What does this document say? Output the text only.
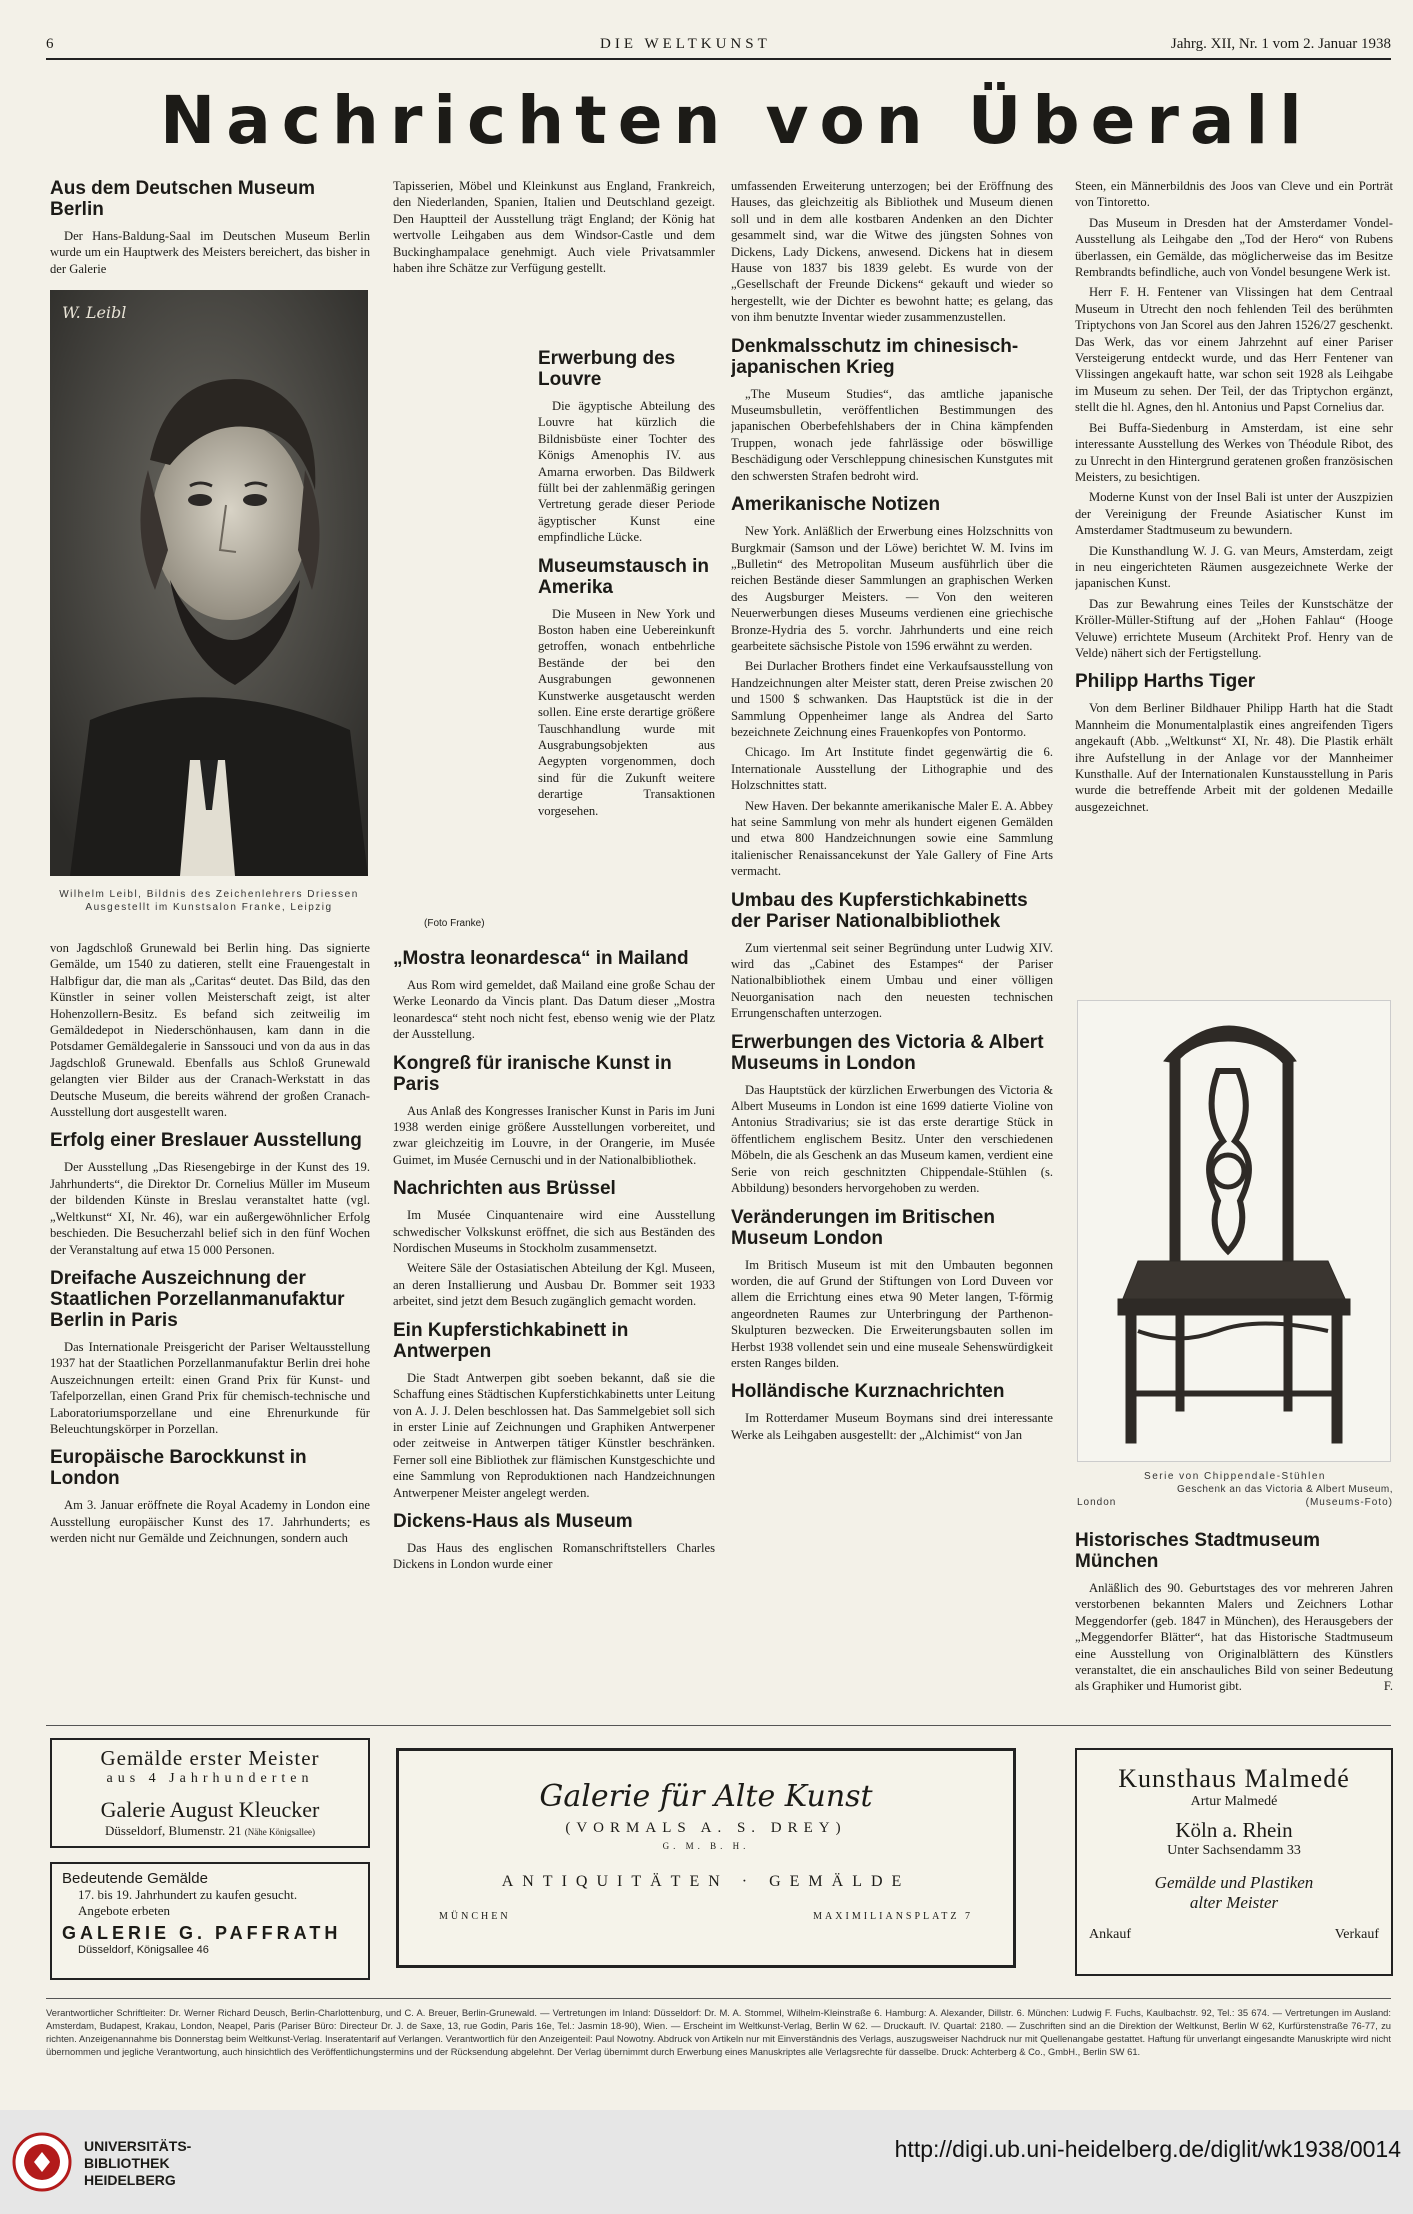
6	DIE WELTKUNST	Jahrg. XII, Nr. 1 vom 2. Januar 1938
Nachrichten von Überall
Aus dem Deutschen Museum Berlin

Der Hans-Baldung-Saal im Deutschen Museum Berlin wurde um ein Hauptwerk des Meisters bereichert, das bisher in der Galerie

W. Leibl
Wilhelm Leibl, Bildnis des Zeichenlehrers Driessen
Ausgestellt im Kunstsalon Franke, Leipzig
(Foto Franke)

von Jagdschloß Grunewald bei Berlin hing. Das signierte Gemälde, um 1540 zu datieren, stellt eine Frauengestalt in Halbfigur dar, die man als „Caritas“ deutet. Das Bild, das den Künstler in seiner vollen Meisterschaft zeigt, ist alter Hohenzollern-Besitz. Es befand sich zeitweilig im Gemäldedepot in Niederschönhausen, kam dann in die Potsdamer Gemäldegalerie in Sanssouci und von da aus in das Jagdschloß Grunewald. Ebenfalls aus Schloß Grunewald gelangten vier Bilder aus der Cranach-Werkstatt in das Deutsche Museum, die bereits während der großen Cranach-Ausstellung dort ausgestellt waren.

Erfolg einer Breslauer Ausstellung

Der Ausstellung „Das Riesengebirge in der Kunst des 19. Jahrhunderts“, die Direktor Dr. Cornelius Müller im Museum der bildenden Künste in Breslau veranstaltet hatte (vgl. „Weltkunst“ XI, Nr. 46), war ein außergewöhnlicher Erfolg beschieden. Die Besucherzahl belief sich in den fünf Wochen der Veranstaltung auf etwa 15 000 Personen.

Dreifache Auszeichnung der Staatlichen Porzellanmanufaktur Berlin in Paris

Das Internationale Preisgericht der Pariser Weltausstellung 1937 hat der Staatlichen Porzellanmanufaktur Berlin drei hohe Auszeichnungen erteilt: einen Grand Prix für Kunst- und Tafelporzellan, einen Grand Prix für chemisch-technische und Laboratoriumsporzellane und eine Ehrenurkunde für Beleuchtungskörper in Porzellan.

Europäische Barockkunst in London

Am 3. Januar eröffnete die Royal Academy in London eine Ausstellung europäischer Kunst des 17. Jahrhunderts; es werden nicht nur Gemälde und Zeichnungen, sondern auch

Tapisserien, Möbel und Kleinkunst aus England, Frankreich, den Niederlanden, Spanien, Italien und Deutschland gezeigt. Den Hauptteil der Ausstellung trägt England; der König hat wertvolle Leihgaben aus dem Windsor-Castle und dem Buckinghampalace genehmigt. Auch viele Privatsammler haben ihre Schätze zur Verfügung gestellt.

Erwerbung des Louvre

Die ägyptische Abteilung des Louvre hat kürzlich die Bildnisbüste einer Tochter des Königs Amenophis IV. aus Amarna erworben. Das Bildwerk füllt bei der zahlenmäßig geringen Vertretung gerade dieser Periode ägyptischer Kunst eine empfindliche Lücke.

Museumstausch in Amerika

Die Museen in New York und Boston haben eine Uebereinkunft getroffen, wonach entbehrliche Bestände der bei den Ausgrabungen gewonnenen Kunstwerke ausgetauscht werden sollen. Eine erste derartige größere Tauschhandlung wurde mit Ausgrabungsobjekten aus Aegypten vorgenommen, doch sind für die Zukunft weitere derartige Transaktionen vorgesehen.

„Mostra leonardesca“ in Mailand

Aus Rom wird gemeldet, daß Mailand eine große Schau der Werke Leonardo da Vincis plant. Das Datum dieser „Mostra leonardesca“ steht noch nicht fest, ebenso wenig wie der Platz der Ausstellung.

Kongreß für iranische Kunst in Paris

Aus Anlaß des Kongresses Iranischer Kunst in Paris im Juni 1938 werden einige größere Ausstellungen vorbereitet, und zwar gleichzeitig im Louvre, in der Orangerie, im Musée Guimet, im Musée Cernuschi und in der Nationalbibliothek.

Nachrichten aus Brüssel

Im Musée Cinquantenaire wird eine Ausstellung schwedischer Volkskunst eröffnet, die sich aus Beständen des Nordischen Museums in Stockholm zusammensetzt.

Weitere Säle der Ostasiatischen Abteilung der Kgl. Museen, an deren Installierung und Ausbau Dr. Bommer seit 1933 arbeitet, sind jetzt dem Besuch zugänglich gemacht worden.

Ein Kupferstichkabinett in Antwerpen

Die Stadt Antwerpen gibt soeben bekannt, daß sie die Schaffung eines Städtischen Kupferstichkabinetts unter Leitung von A. J. J. Delen beschlossen hat. Das Sammelgebiet soll sich in erster Linie auf Zeichnungen und Graphiken Antwerpener oder zeitweise in Antwerpen tätiger Künstler beschränken. Ferner soll eine Bibliothek zur flämischen Kunstgeschichte und eine Sammlung von Reproduktionen nach Handzeichnungen Antwerpener Meister angelegt werden.

Dickens-Haus als Museum

Das Haus des englischen Romanschriftstellers Charles Dickens in London wurde einer

umfassenden Erweiterung unterzogen; bei der Eröffnung des Hauses, das gleichzeitig als Bibliothek und Museum dienen soll und in dem alle kostbaren Andenken an den Dichter gesammelt sind, war die Witwe des jüngsten Sohnes von Dickens, Lady Dickens, anwesend. Dickens hat in diesem Hause von 1837 bis 1839 gelebt. Es wurde von der „Gesellschaft der Freunde Dickens“ gekauft und wieder so hergestellt, wie der Dichter es bewohnt hatte; es gelang, das von ihm benutzte Inventar wieder zusammenzustellen.

Denkmalsschutz im chinesisch-japanischen Krieg

„The Museum Studies“, das amtliche japanische Museumsbulletin, veröffentlichen Bestimmungen des japanischen Oberbefehlshabers der in China kämpfenden Truppen, wonach jede fahrlässige oder böswillige Beschädigung oder Verschleppung chinesischen Kunstgutes mit den schwersten Strafen bedroht wird.

Amerikanische Notizen

New York. Anläßlich der Erwerbung eines Holzschnitts von Burgkmair (Samson und der Löwe) berichtet W. M. Ivins im „Bulletin“ des Metropolitan Museum ausführlich über die reichen Bestände dieser Sammlungen an graphischen Werken des Augsburger Meisters. — Von den weiteren Neuerwerbungen dieses Museums verdienen eine griechische Bronze-Hydria des 5. vorchr. Jahrhunderts und eine reich gearbeitete sächsische Pistole von 1596 erwähnt zu werden.

Bei Durlacher Brothers findet eine Verkaufsausstellung von Handzeichnungen alter Meister statt, deren Preise zwischen 20 und 1500 $ schwanken. Das Hauptstück ist die in der Sammlung Oppenheimer lange als Andrea del Sarto bezeichnete Zeichnung eines Frauenkopfes von Pontormo.

Chicago. Im Art Institute findet gegenwärtig die 6. Internationale Ausstellung der Lithographie und des Holzschnittes statt.

New Haven. Der bekannte amerikanische Maler E. A. Abbey hat seine Sammlung von mehr als hundert eigenen Gemälden und etwa 800 Handzeichnungen sowie eine Sammlung italienischer Renaissancekunst der Yale Gallery of Fine Arts vermacht.

Umbau des Kupferstichkabinetts der Pariser Nationalbibliothek

Zum viertenmal seit seiner Begründung unter Ludwig XIV. wird das „Cabinet des Estampes“ der Pariser Nationalbibliothek einem Umbau und einer völligen Neuorganisation nach den neuesten technischen Errungenschaften unterzogen.

Erwerbungen des Victoria & Albert Museums in London

Das Hauptstück der kürzlichen Erwerbungen des Victoria & Albert Museums in London ist eine 1699 datierte Violine von Antonius Stradivarius; sie ist das erste derartige Stück in öffentlichem englischem Besitz. Unter den verschiedenen Möbeln, die als Geschenk an das Museum kamen, verdient eine Serie von reich geschnitzten Chippendale-Stühlen (s. Abbildung) besonders hervorgehoben zu werden.

Veränderungen im Britischen Museum London

Im Britisch Museum ist mit den Umbauten begonnen worden, die auf Grund der Stiftungen von Lord Duveen vor allem die Errichtung eines etwa 90 Meter langen, T-förmig angeordneten Raumes zur Unterbringung der Parthenon-Skulpturen bezwecken. Die Erweiterungsbauten sollen im Herbst 1938 vollendet sein und eine museale Sehenswürdigkeit ersten Ranges bilden.

Holländische Kurznachrichten

Im Rotterdamer Museum Boymans sind drei interessante Werke als Leihgaben ausgestellt: der „Alchimist“ von Jan

Steen, ein Männerbildnis des Joos van Cleve und ein Porträt von Tintoretto.

Das Museum in Dresden hat der Amsterdamer Vondel-Ausstellung als Leihgabe den „Tod der Hero“ von Rubens überlassen, ein Gemälde, das möglicherweise das im Besitze Rembrandts befindliche, auch von Vondel besungene Werk ist.

Herr F. H. Fentener van Vlissingen hat dem Centraal Museum in Utrecht den noch fehlenden Teil des berühmten Triptychons von Jan Scorel aus den Jahren 1526/27 geschenkt. Das Werk, das vor einem Jahrzehnt auf einer Pariser Versteigerung entdeckt wurde, und das Herr Fentener van Vlissingen angekauft hatte, war schon seit 1928 als Leihgabe im Museum zu sehen. Der Teil, der das Triptychon ergänzt, stellt die hl. Agnes, den hl. Antonius und Papst Cornelius dar.

Bei Buffa-Siedenburg in Amsterdam, ist eine sehr interessante Ausstellung des Werkes von Théodule Ribot, des zu Unrecht in den Hintergrund geratenen großen französischen Meisters, zu besichtigen.

Moderne Kunst von der Insel Bali ist unter der Auszpizien der Vereinigung der Freunde Asiatischer Kunst im Amsterdamer Stadtmuseum zu bewundern.

Die Kunsthandlung W. J. G. van Meurs, Amsterdam, zeigt in neu eingerichteten Räumen ausgezeichnete Werke der japanischen Kunst.

Das zur Bewahrung eines Teiles der Kunstschätze der Kröller-Müller-Stiftung auf der „Hohen Fahlau“ (Hooge Veluwe) errichtete Museum (Architekt Prof. Henry van de Velde) nähert sich der Fertigstellung.

Philipp Harths Tiger

Von dem Berliner Bildhauer Philipp Harth hat die Stadt Mannheim die Monumentalplastik eines angreifenden Tigers angekauft (Abb. „Weltkunst“ XI, Nr. 48). Die Plastik erhält ihre Aufstellung in der Anlage vor der Mannheimer Kunsthalle. Auf der Internationalen Kunstausstellung in Paris wurde die betreffende Arbeit mit der goldenen Medaille ausgezeichnet.

Serie von Chippendale-Stühlen
Geschenk an das Victoria & Albert Museum,
London	(Museums-Foto)
Historisches Stadtmuseum München

Anläßlich des 90. Geburtstages des vor mehreren Jahren verstorbenen bekannten Malers und Zeichners Lothar Meggendorfer (geb. 1847 in München), des Herausgebers der „Meggendorfer Blätter“, hat das Historische Stadtmuseum eine Ausstellung von Originalblättern des Künstlers veranstaltet, die ein anschauliches Bild von seiner Bedeutung als Graphiker und Humorist gibt.	F.

Gemälde erster Meister
aus 4 Jahrhunderten
Galerie August Kleucker
Düsseldorf, Blumenstr. 21 (Nähe Königsallee)
Bedeutende Gemälde
17. bis 19. Jahrhundert zu kaufen gesucht.
Angebote erbeten
GALERIE G. PAFFRATH
Düsseldorf, Königsallee 46
Galerie für Alte Kunst
(VORMALS A. S. DREY)
G. M. B. H.
ANTIQUITÄTEN · GEMÄLDE
MÜNCHEN	MAXIMILIANSPLATZ 7
Kunsthaus Malmedé
Artur Malmedé
Köln a. Rhein
Unter Sachsendamm 33
Gemälde und Plastiken
alter Meister
Ankauf	Verkauf
Verantwortlicher Schriftleiter: Dr. Werner Richard Deusch, Berlin-Charlottenburg, und C. A. Breuer, Berlin-Grunewald. — Vertretungen im Inland: Düsseldorf: Dr. M. A. Stommel, Wilhelm-Kleinstraße 6. Hamburg: A. Alexander, Dillstr. 6. München: Ludwig F. Fuchs, Kaulbachstr. 92, Tel.: 35 674. — Vertretungen im Ausland: Amsterdam, Budapest, Krakau, London, Neapel, Paris (Pariser Büro: Directeur Dr. J. de Saxe, 13, rue Godin, Paris 16e, Tel.: Jasmin 18-90), Wien. — Erscheint im Weltkunst-Verlag, Berlin W 62. — Druckauft. IV. Quartal: 2180. — Zuschriften sind an die Direktion der Weltkunst, Berlin W 62, Kurfürstenstraße 76-77, zu richten. Anzeigenannahme bis Donnerstag beim Weltkunst-Verlag. Inseratentarif auf Verlangen. Verantwortlich für den Anzeigenteil: Paul Nowotny. Abdruck von Artikeln nur mit Einverständnis des Verlags, auszugsweiser Nachdruck nur mit Quellenangabe gestattet. Haftung für unverlangt eingesandte Manuskripte wird nicht übernommen und jegliche Verantwortung, auch hinsichtlich des Veröffentlichungstermins und der Rücksendung abgelehnt. Der Verlag übernimmt durch Erwerbung eines Manuskriptes alle Verlagsrechte für dasselbe. Druck: Achterberg & Co., GmbH., Berlin SW 61.
UNIVERSITÄTS-
BIBLIOTHEK
HEIDELBERG
http://digi.ub.uni-heidelberg.de/diglit/wk1938/0014
